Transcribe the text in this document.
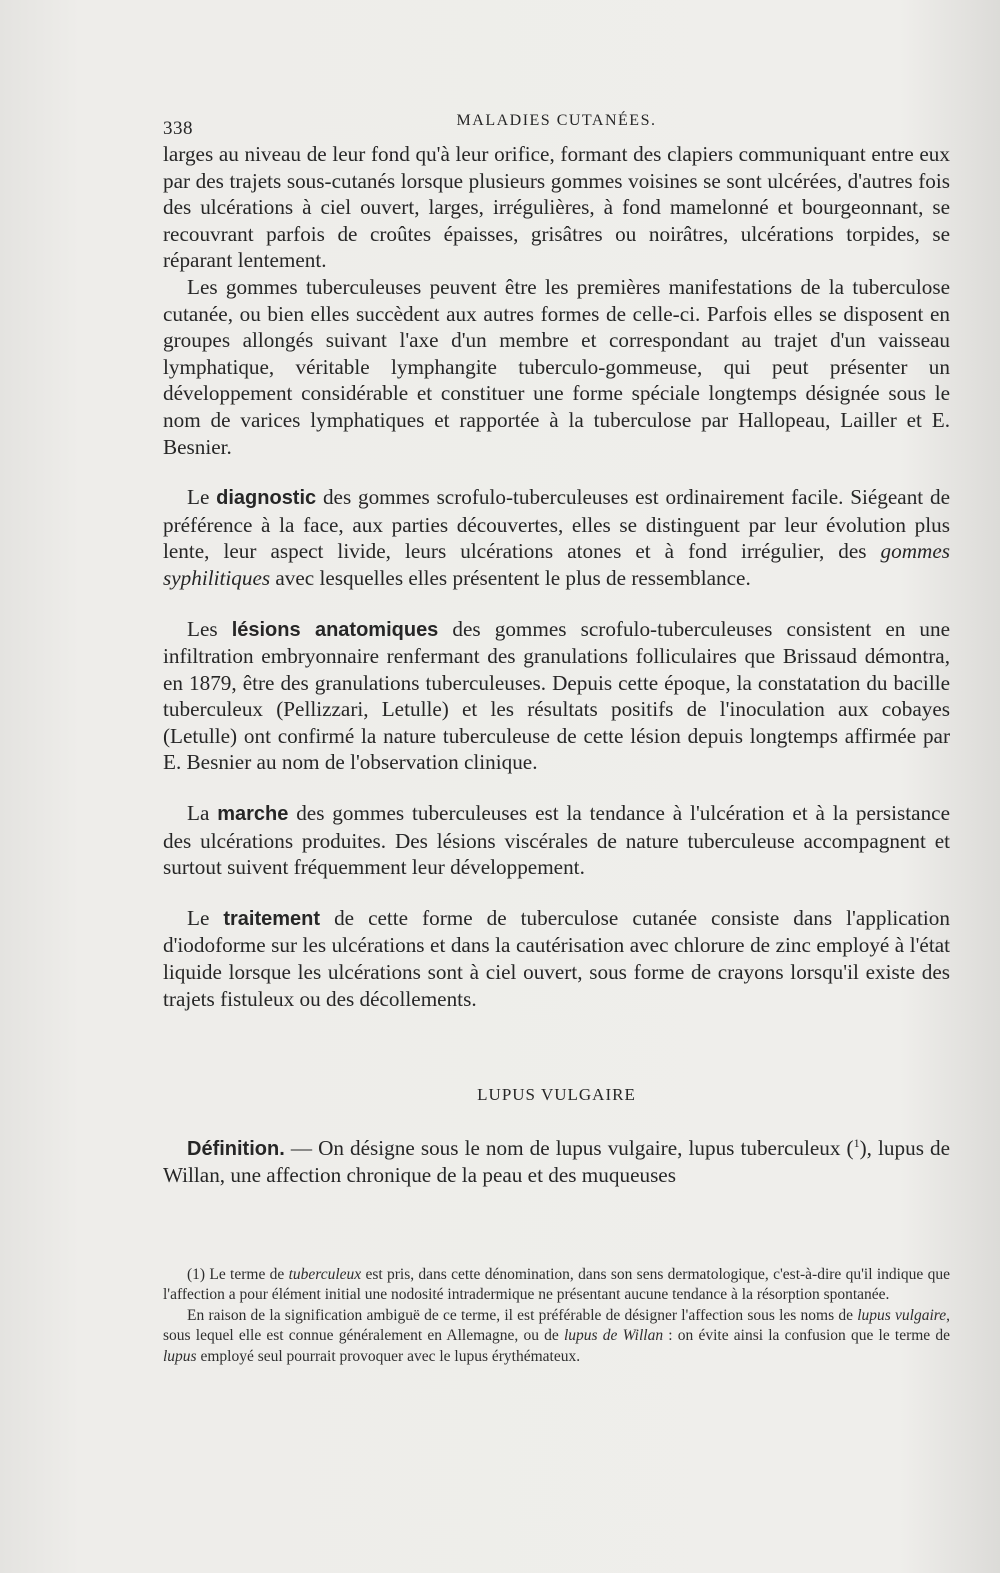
338	MALADIES CUTANÉES.

larges au niveau de leur fond qu'à leur orifice, formant des clapiers communiquant entre eux par des trajets sous-cutanés lorsque plusieurs gommes voisines se sont ulcérées, d'autres fois des ulcérations à ciel ouvert, larges, irrégulières, à fond mamelonné et bourgeonnant, se recouvrant parfois de croûtes épaisses, grisâtres ou noirâtres, ulcérations torpides, se réparant lentement.

Les gommes tuberculeuses peuvent être les premières manifestations de la tuberculose cutanée, ou bien elles succèdent aux autres formes de celle-ci. Parfois elles se disposent en groupes allongés suivant l'axe d'un membre et correspondant au trajet d'un vaisseau lymphatique, véritable lymphangite tuberculo-gommeuse, qui peut présenter un développement considérable et constituer une forme spéciale longtemps désignée sous le nom de varices lymphatiques et rapportée à la tuberculose par Hallopeau, Lailler et E. Besnier.

Le diagnostic des gommes scrofulo-tuberculeuses est ordinairement facile. Siégeant de préférence à la face, aux parties découvertes, elles se distinguent par leur évolution plus lente, leur aspect livide, leurs ulcérations atones et à fond irrégulier, des gommes syphilitiques avec lesquelles elles présentent le plus de ressemblance.

Les lésions anatomiques des gommes scrofulo-tuberculeuses consistent en une infiltration embryonnaire renfermant des granulations folliculaires que Brissaud démontra, en 1879, être des granulations tuberculeuses. Depuis cette époque, la constatation du bacille tuberculeux (Pellizzari, Letulle) et les résultats positifs de l'inoculation aux cobayes (Letulle) ont confirmé la nature tuberculeuse de cette lésion depuis longtemps affirmée par E. Besnier au nom de l'observation clinique.

La marche des gommes tuberculeuses est la tendance à l'ulcération et à la persistance des ulcérations produites. Des lésions viscérales de nature tuberculeuse accompagnent et surtout suivent fréquemment leur développement.

Le traitement de cette forme de tuberculose cutanée consiste dans l'application d'iodoforme sur les ulcérations et dans la cautérisation avec chlorure de zinc employé à l'état liquide lorsque les ulcérations sont à ciel ouvert, sous forme de crayons lorsqu'il existe des trajets fistuleux ou des décollements.

LUPUS VULGAIRE

Définition. — On désigne sous le nom de lupus vulgaire, lupus tuberculeux ($^1$), lupus de Willan, une affection chronique de la peau et des muqueuses

(1) Le terme de tuberculeux est pris, dans cette dénomination, dans son sens dermatologique, c'est-à-dire qu'il indique que l'affection a pour élément initial une nodosité intradermique ne présentant aucune tendance à la résorption spontanée.

En raison de la signification ambiguë de ce terme, il est préférable de désigner l'affection sous les noms de lupus vulgaire, sous lequel elle est connue généralement en Allemagne, ou de lupus de Willan : on évite ainsi la confusion que le terme de lupus employé seul pourrait provoquer avec le lupus érythémateux.
